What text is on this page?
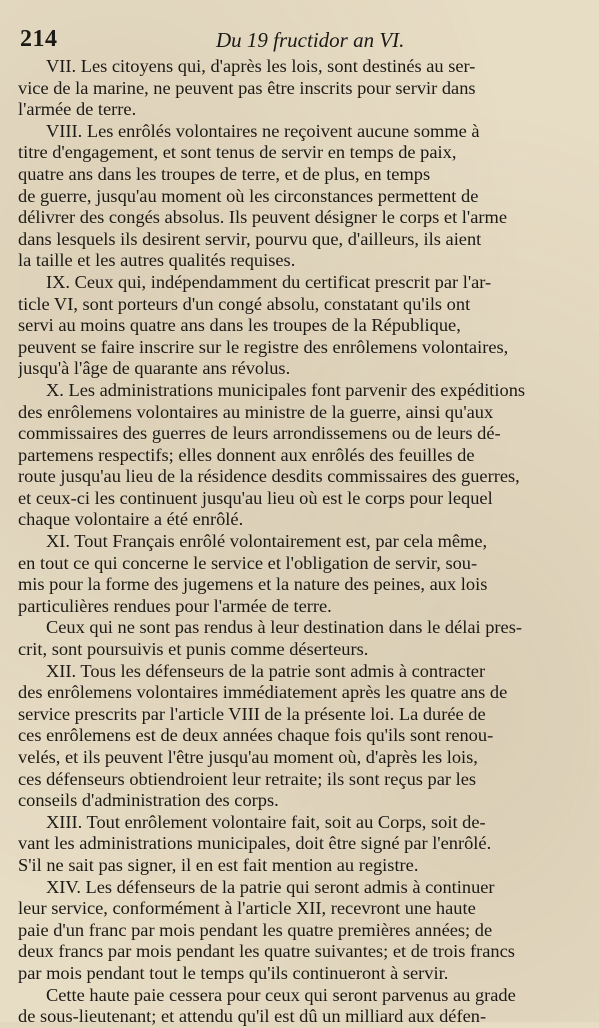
214	Du 19 fructidor an VI.

VII. Les citoyens qui, d'après les lois, sont destinés au ser-
vice de la marine, ne peuvent pas être inscrits pour servir dans
l'armée de terre.

VIII. Les enrôlés volontaires ne reçoivent aucune somme à
titre d'engagement, et sont tenus de servir en temps de paix,
quatre ans dans les troupes de terre, et de plus, en temps
de guerre, jusqu'au moment où les circonstances permettent de
délivrer des congés absolus. Ils peuvent désigner le corps et l'arme
dans lesquels ils desirent servir, pourvu que, d'ailleurs, ils aient
la taille et les autres qualités requises.

IX. Ceux qui, indépendamment du certificat prescrit par l'ar-
ticle VI, sont porteurs d'un congé absolu, constatant qu'ils ont
servi au moins quatre ans dans les troupes de la République,
peuvent se faire inscrire sur le registre des enrôlemens volontaires,
jusqu'à l'âge de quarante ans révolus.

X. Les administrations municipales font parvenir des expéditions
des enrôlemens volontaires au ministre de la guerre, ainsi qu'aux
commissaires des guerres de leurs arrondissemens ou de leurs dé-
partemens respectifs; elles donnent aux enrôlés des feuilles de
route jusqu'au lieu de la résidence desdits commissaires des guerres,
et ceux-ci les continuent jusqu'au lieu où est le corps pour lequel
chaque volontaire a été enrôlé.

XI. Tout Français enrôlé volontairement est, par cela même,
en tout ce qui concerne le service et l'obligation de servir, sou-
mis pour la forme des jugemens et la nature des peines, aux lois
particulières rendues pour l'armée de terre.

Ceux qui ne sont pas rendus à leur destination dans le délai pres-
crit, sont poursuivis et punis comme déserteurs.

XII. Tous les défenseurs de la patrie sont admis à contracter
des enrôlemens volontaires immédiatement après les quatre ans de
service prescrits par l'article VIII de la présente loi. La durée de
ces enrôlemens est de deux années chaque fois qu'ils sont renou-
velés, et ils peuvent l'être jusqu'au moment où, d'après les lois,
ces défenseurs obtiendroient leur retraite; ils sont reçus par les
conseils d'administration des corps.

XIII. Tout enrôlement volontaire fait, soit au Corps, soit de-
vant les administrations municipales, doit être signé par l'enrôlé.
S'il ne sait pas signer, il en est fait mention au registre.

XIV. Les défenseurs de la patrie qui seront admis à continuer
leur service, conformément à l'article XII, recevront une haute
paie d'un franc par mois pendant les quatre premières années; de
deux francs par mois pendant les quatre suivantes; et de trois francs
par mois pendant tout le temps qu'ils continueront à servir.

Cette haute paie cessera pour ceux qui seront parvenus au grade
de sous-lieutenant; et attendu qu'il est dû un milliard aux défen-
